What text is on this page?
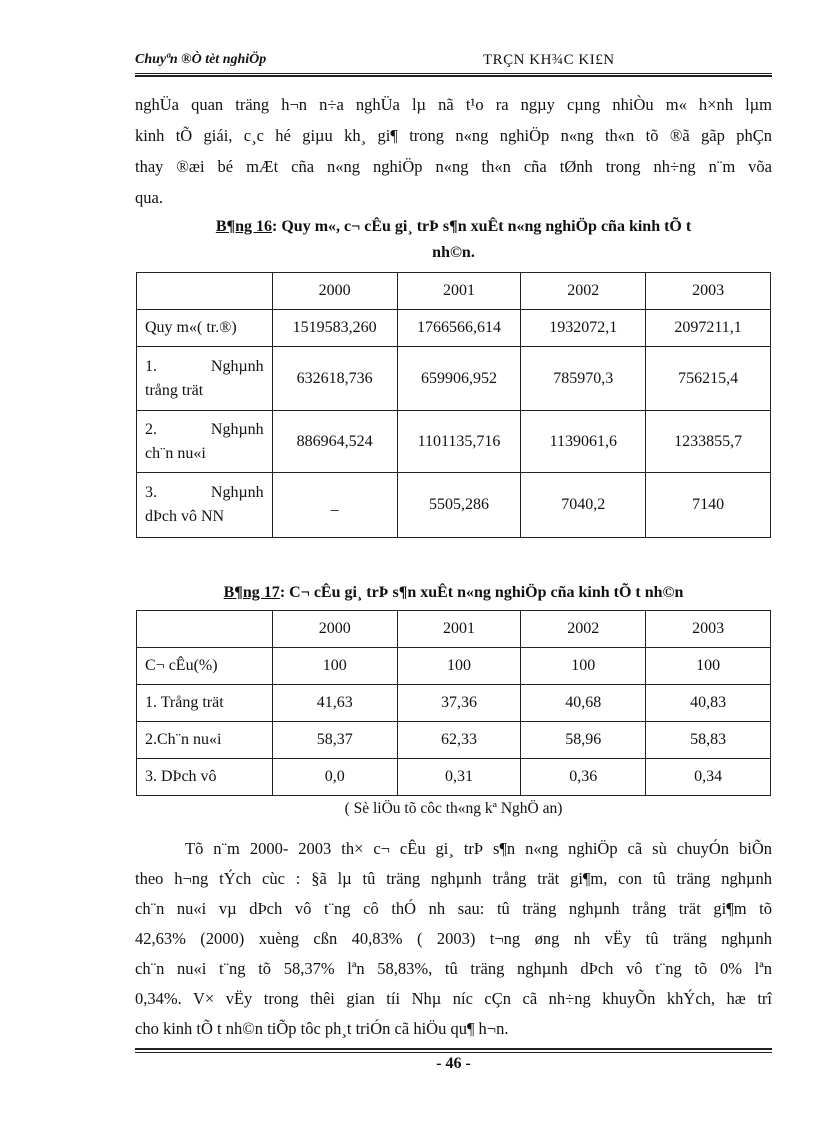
Chuyªn ®Ò tèt nghiÖp	TRÇN KH¾C KI£N
nghÜa quan träng h¬n n÷a nghÜa lµ nã t¹o ra ngµy cµng nhiÒu m« h×nh lµm
kinh tÕ giái, c¸c hé giµu kh¸ gi¶ trong n«ng nghiÖp n«ng th«n tõ ®ã gãp phÇn
thay ®æi bé mÆt cña n«ng nghiÖp n«ng th«n cña tØnh trong nh÷ng n¨m võa
qua.
B¶ng 16: Quy m«, c¬ cÊu gi¸ trÞ s¶n xuÊt n«ng nghiÖp cña kinh tÕ t
nh©n.
	2000	2001	2002	2003
Quy m«( tr.®)	1519583,260	1766566,614	1932072,1	2097211,1

1. Nghµnh
trång trät	632618,736	659906,952	785970,3	756215,4

2. Nghµnh
ch¨n nu«i	886964,524	1101135,716	1139061,6	1233855,7

3. Nghµnh
dÞch vô NN	_	5505,286	7040,2	7140
B¶ng 17: C¬ cÊu gi¸ trÞ s¶n xuÊt n«ng nghiÖp cña kinh tÕ t nh©n
	2000	2001	2002	2003
C¬ cÊu(%)	100	100	100	100
1. Trång trät	41,63	37,36	40,68	40,83
2.Ch¨n nu«i	58,37	62,33	58,96	58,83
3. DÞch vô	0,0	0,31	0,36	0,34
( Sè liÖu tõ côc th«ng kª NghÖ an)
Tõ n¨m 2000- 2003 th× c¬ cÊu gi¸ trÞ s¶n n«ng nghiÖp cã sù chuyÓn biÕn
theo h¬ng tÝch cùc : §ã lµ tû träng nghµnh trång trät gi¶m, con tû träng nghµnh
ch¨n nu«i vµ dÞch vô t¨ng cô thÓ nh sau: tû träng nghµnh trång trät gi¶m tõ
42,63% (2000) xuèng cßn 40,83% ( 2003) t¬ng øng nh vËy tû träng nghµnh
ch¨n nu«i t¨ng tõ 58,37% lªn 58,83%, tû träng nghµnh dÞch vô t¨ng tõ 0% lªn
0,34%. V× vËy trong thêi gian tíi Nhµ níc cÇn cã nh÷ng khuyÕn khÝch, hæ trî
cho kinh tÕ t nh©n tiÕp tôc ph¸t triÓn cã hiÖu qu¶ h¬n.
- 46 -
